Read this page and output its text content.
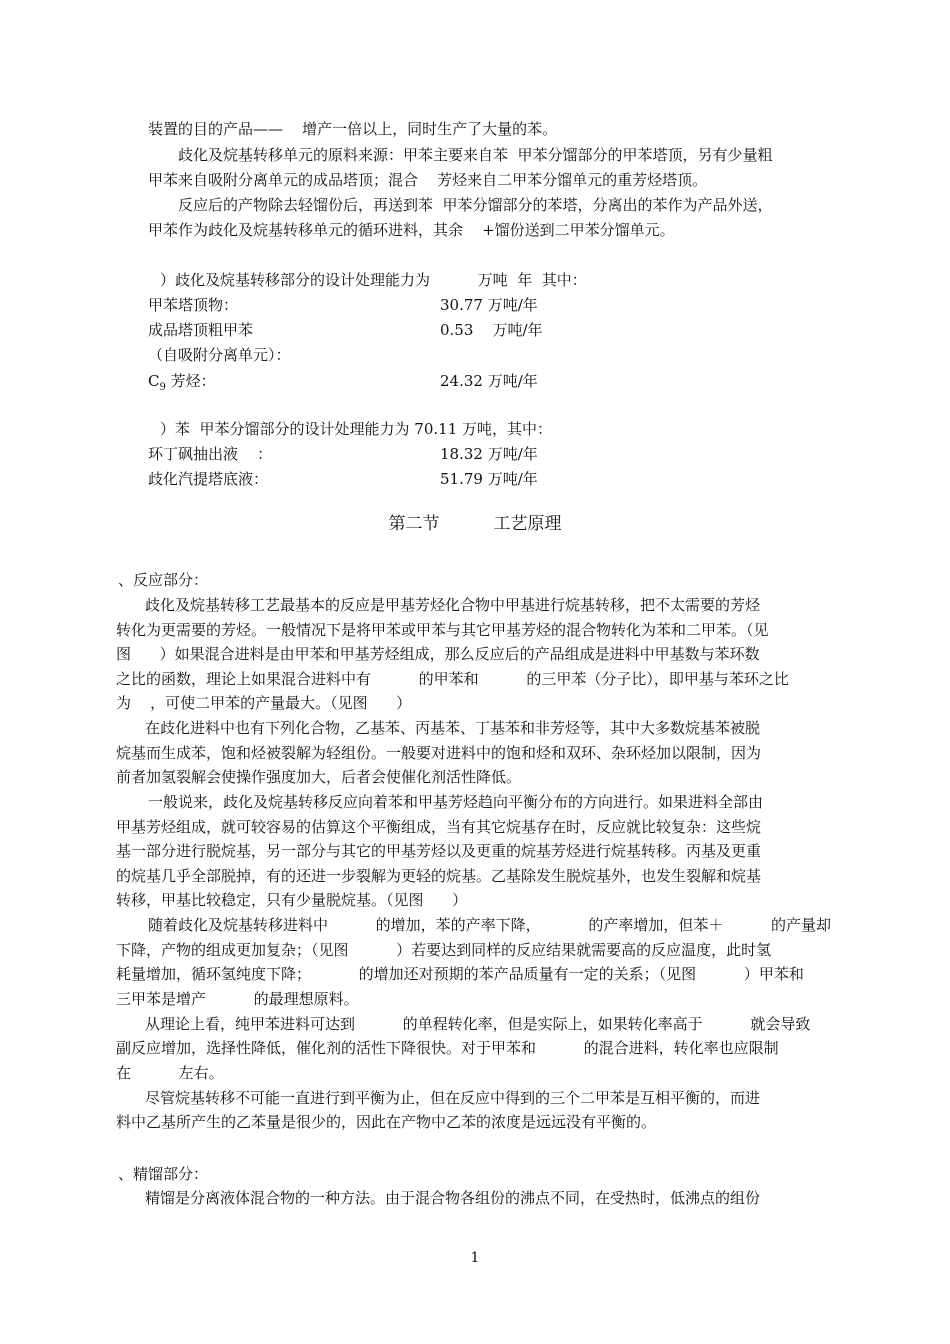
装置的目的产品——    增产一倍以上，同时生产了大量的苯。
歧化及烷基转移单元的原料来源：甲苯主要来自苯  甲苯分馏部分的甲苯塔顶，另有少量粗
甲苯来自吸附分离单元的成品塔顶；混合    芳烃来自二甲苯分馏单元的重芳烃塔顶。
反应后的产物除去轻馏份后，再送到苯  甲苯分馏部分的苯塔，分离出的苯作为产品外送，
甲苯作为歧化及烷基转移单元的循环进料，其余    +馏份送到二甲苯分馏单元。
）歧化及烷基转移部分的设计处理能力为          万吨  年  其中：
甲苯塔顶物：	30.77 万吨/年
成品塔顶粗甲苯	0.53    万吨/年
（自吸附分离单元）：
$C_9$ 芳烃：	24.32 万吨/年
）苯  甲苯分馏部分的设计处理能力为 70.11 万吨，其中：
环丁砜抽出液    ：	18.32 万吨/年
歧化汽提塔底液：	51.79 万吨/年
第二节          工艺原理
、反应部分：
歧化及烷基转移工艺最基本的反应是甲基芳烃化合物中甲基进行烷基转移，把不太需要的芳烃
转化为更需要的芳烃。一般情况下是将甲苯或甲苯与其它甲基芳烃的混合物转化为苯和二甲苯。（见
图      ）如果混合进料是由甲苯和甲基芳烃组成，那么反应后的产品组成是进料中甲基数与苯环数
之比的函数，理论上如果混合进料中有          的甲苯和          的三甲苯（分子比），即甲基与苯环之比
为    ，可使二甲苯的产量最大。（见图      ）
在歧化进料中也有下列化合物，乙基苯、丙基苯、丁基苯和非芳烃等，其中大多数烷基苯被脱
烷基而生成苯，饱和烃被裂解为轻组份。一般要对进料中的饱和烃和双环、杂环烃加以限制，因为
前者加氢裂解会使操作强度加大，后者会使催化剂活性降低。
一般说来，歧化及烷基转移反应向着苯和甲基芳烃趋向平衡分布的方向进行。如果进料全部由
甲基芳烃组成，就可较容易的估算这个平衡组成，当有其它烷基存在时，反应就比较复杂：这些烷
基一部分进行脱烷基，另一部分与其它的甲基芳烃以及更重的烷基芳烃进行烷基转移。丙基及更重
的烷基几乎全部脱掉，有的还进一步裂解为更轻的烷基。乙基除发生脱烷基外，也发生裂解和烷基
转移，甲基比较稳定，只有少量脱烷基。（见图      ）
随着歧化及烷基转移进料中          的增加，苯的产率下降，          的产率增加，但苯＋          的产量却
下降，产物的组成更加复杂；（见图          ）若要达到同样的反应结果就需要高的反应温度，此时氢
耗量增加，循环氢纯度下降；          的增加还对预期的苯产品质量有一定的关系；（见图          ）甲苯和
三甲苯是增产          的最理想原料。
从理论上看，纯甲苯进料可达到          的单程转化率，但是实际上，如果转化率高于          就会导致
副反应增加，选择性降低，催化剂的活性下降很快。对于甲苯和          的混合进料，转化率也应限制
在          左右。
尽管烷基转移不可能一直进行到平衡为止，但在反应中得到的三个二甲苯是互相平衡的，而进
料中乙基所产生的乙苯量是很少的，因此在产物中乙苯的浓度是远远没有平衡的。
、精馏部分：
精馏是分离液体混合物的一种方法。由于混合物各组份的沸点不同，在受热时，低沸点的组份
1
